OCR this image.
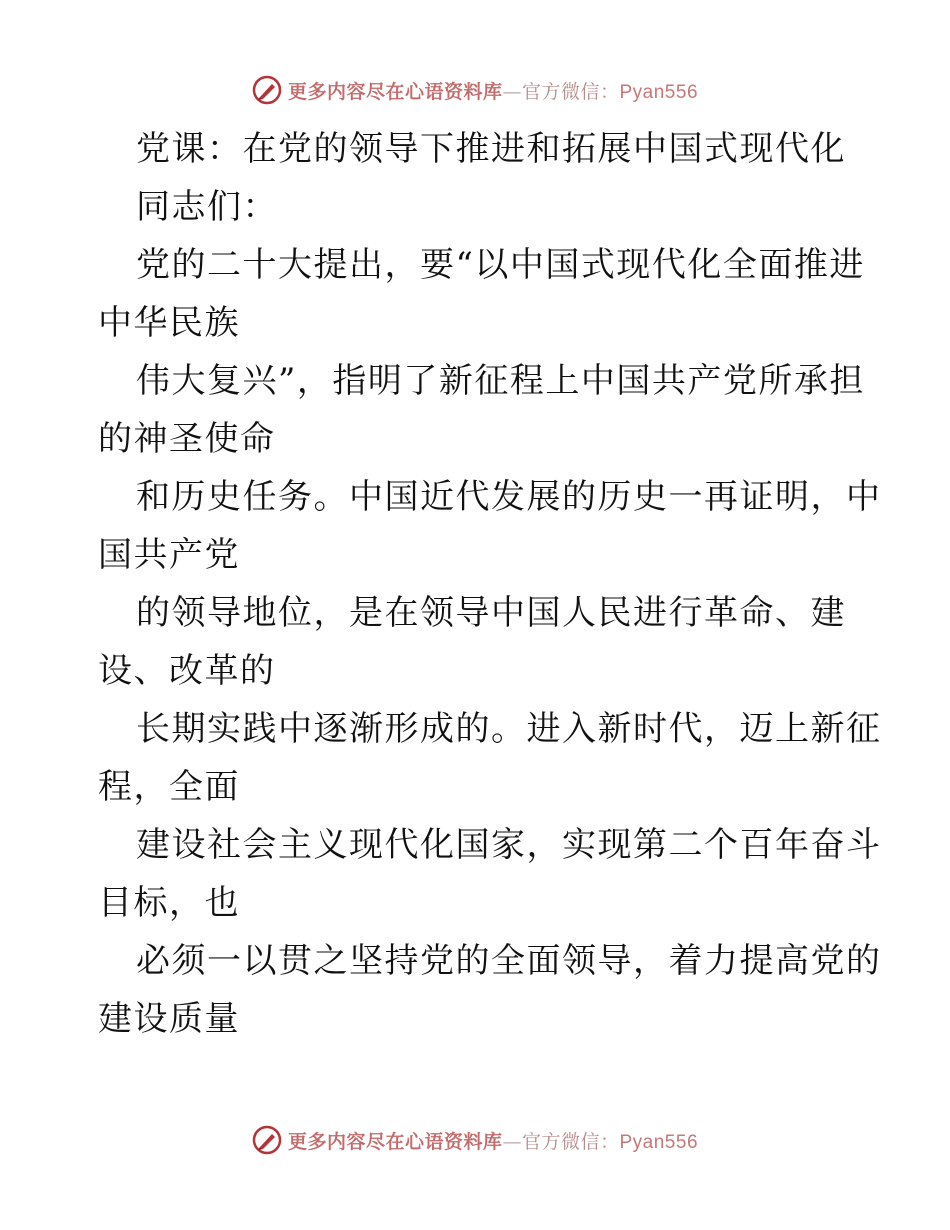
更多内容尽在心语资料库—官方微信：Pyan556
党课：在党的领导下推进和拓展中国式现代化
同志们：
党的二十大提出，要“以中国式现代化全面推进
中华民族
伟大复兴”，指明了新征程上中国共产党所承担
的神圣使命
和历史任务。中国近代发展的历史一再证明，中
国共产党
的领导地位，是在领导中国人民进行革命、建
设、改革的
长期实践中逐渐形成的。进入新时代，迈上新征
程，全面
建设社会主义现代化国家，实现第二个百年奋斗
目标，也
必须一以贯之坚持党的全面领导，着力提高党的
建设质量
更多内容尽在心语资料库—官方微信：Pyan556
